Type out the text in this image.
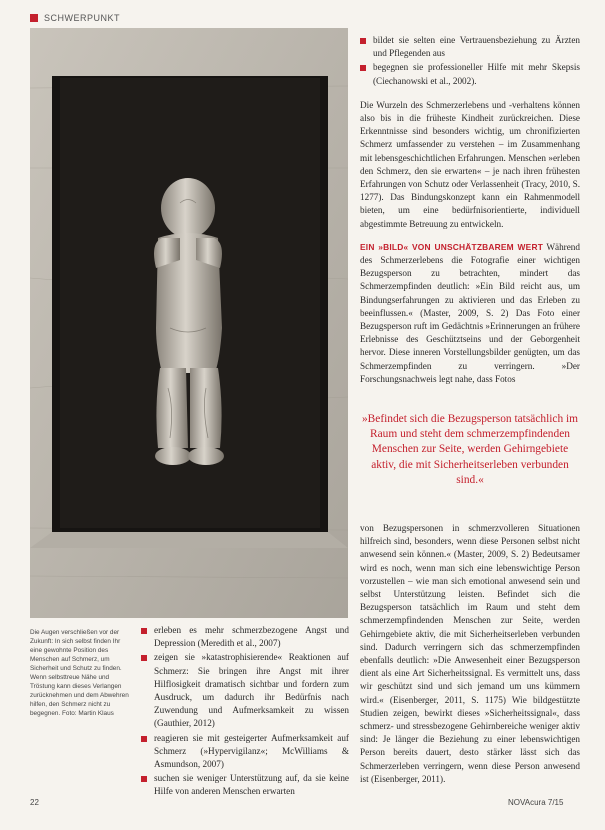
SCHWERPUNKT
Die Augen verschließen vor der Zukunft: In sich selbst finden Ihr eine gewohnte Position des Menschen auf Schmerz, um Sicherheit und Schutz zu finden. Wenn selbsttreue Nähe und Tröstung kann dieses Verlangen zurücknehmen und dem Abwehren hilfen, den Schmerz nicht zu begegnen. Foto: Martin Klaus
erleben es mehr schmerzbezogene Angst und Depression (Meredith et al., 2007)
zeigen sie »katastrophisierende« Reaktionen auf Schmerz: Sie bringen ihre Angst mit ihrer Hilflosigkeit dramatisch sichtbar und fordern zum Ausdruck, um dadurch ihr Bedürfnis nach Zuwendung und Aufmerksamkeit zu wissen (Gauthier, 2012)
reagieren sie mit gesteigerter Aufmerksamkeit auf Schmerz (»Hypervigilanz«; McWilliams & Asmundson, 2007)
suchen sie weniger Unterstützung auf, da sie keine Hilfe von anderen Menschen erwarten
bildet sie selten eine Vertrauensbeziehung zu Ärzten und Pflegenden aus
begegnen sie professioneller Hilfe mit mehr Skepsis (Ciechanowski et al., 2002).

Die Wurzeln des Schmerzerlebens und -verhaltens können also bis in die früheste Kindheit zurückreichen. Diese Erkenntnisse sind besonders wichtig, um chronifizierten Schmerz umfassender zu verstehen – im Zusammenhang mit lebensgeschichtlichen Erfahrungen. Menschen »erleben den Schmerz, den sie erwarten« – je nach ihren frühesten Erfahrungen von Schutz oder Verlassenheit (Tracy, 2010, S. 1277). Das Bindungskonzept kann ein Rahmenmodell bieten, um eine bedürfnisorientierte, individuell abgestimmte Betreuung zu entwickeln.

EIN »BILD« VON UNSCHÄTZBAREM WERT Während des Schmerzerlebens die Fotografie einer wichtigen Bezugsperson zu betrachten, mindert das Schmerzempfinden deutlich: »Ein Bild reicht aus, um Bindungserfahrungen zu aktivieren und das Erleben zu beeinflussen.« (Master, 2009, S. 2) Das Foto einer Bezugsperson ruft im Gedächtnis »Erinnerungen an frühere Erlebnisse des Geschütztseins und der Geborgenheit hervor. Diese inneren Vorstellungsbilder genügten, um das Schmerzempfinden zu verringern. »Der Forschungsnachweis legt nahe, dass Fotos

»Befindet sich die Bezugsperson tatsächlich im Raum und steht dem schmerzempfindenden Menschen zur Seite, werden Gehirngebiete aktiv, die mit Sicherheitserleben verbunden sind.«

von Bezugspersonen in schmerzvolleren Situationen hilfreich sind, besonders, wenn diese Personen selbst nicht anwesend sein können.« (Master, 2009, S. 2) Bedeutsamer wird es noch, wenn man sich eine lebenswichtige Person vorzustellen – wie man sich emotional anwesend sein und selbst Unterstützung leisten. Befindet sich die Bezugsperson tatsächlich im Raum und steht dem schmerzempfindenden Menschen zur Seite, werden Gehirngebiete aktiv, die mit Sicherheitserleben verbunden sind. Dadurch verringern sich das schmerzempfinden ebenfalls deutlich: »Die Anwesenheit einer Bezugsperson dient als eine Art Sicherheitssignal. Es vermittelt uns, dass wir geschützt sind und sich jemand um uns kümmern wird.« (Eisenberger, 2011, S. 1175) Wie bildgestützte Studien zeigen, bewirkt dieses »Sicherheitssignal«, dass schmerz- und stressbezogene Gehirnbereiche weniger aktiv sind: Je länger die Beziehung zu einer lebenswichtigen Person bereits dauert, desto stärker lässt sich das Schmerzerleben verringern, wenn diese Person anwesend ist (Eisenberger, 2011).

22	NOVAcura 7/15
